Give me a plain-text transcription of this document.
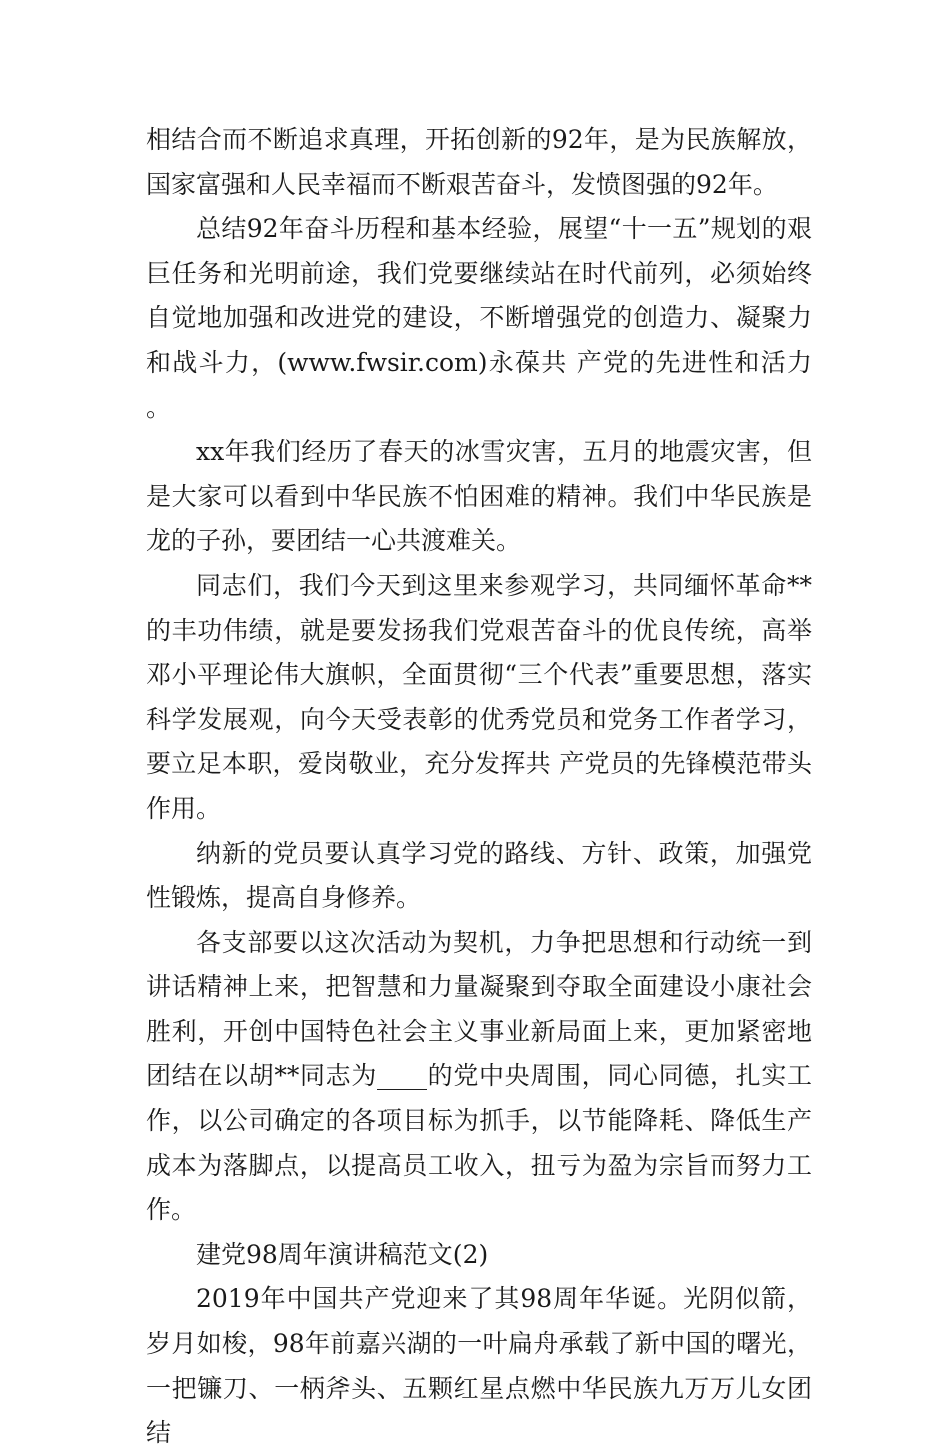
相结合而不断追求真理，开拓创新的92年，是为民族解放，国家富强和人民幸福而不断艰苦奋斗，发愤图强的92年。

总结92年奋斗历程和基本经验，展望“十一五”规划的艰巨任务和光明前途，我们党要继续站在时代前列，必须始终自觉地加强和改进党的建设，不断增强党的创造力、凝聚力和战斗力，(www.fwsir.com)永葆共 产党的先进性和活力。

xx年我们经历了春天的冰雪灾害，五月的地震灾害，但是大家可以看到中华民族不怕困难的精神。我们中华民族是龙的子孙，要团结一心共渡难关。

同志们，我们今天到这里来参观学习，共同缅怀革命**的丰功伟绩，就是要发扬我们党艰苦奋斗的优良传统，高举邓小平理论伟大旗帜，全面贯彻“三个代表”重要思想，落实科学发展观，向今天受表彰的优秀党员和党务工作者学习，要立足本职，爱岗敬业，充分发挥共 产党员的先锋模范带头作用。

纳新的党员要认真学习党的路线、方针、政策，加强党性锻炼，提高自身修养。

各支部要以这次活动为契机，力争把思想和行动统一到讲话精神上来，把智慧和力量凝聚到夺取全面建设小康社会胜利，开创中国特色社会主义事业新局面上来，更加紧密地团结在以胡**同志为____的党中央周围，同心同德，扎实工作，以公司确定的各项目标为抓手，以节能降耗、降低生产成本为落脚点，以提高员工收入，扭亏为盈为宗旨而努力工作。

建党98周年演讲稿范文(2)

2019年中国共产党迎来了其98周年华诞。光阴似箭，岁月如梭，98年前嘉兴湖的一叶扁舟承载了新中国的曙光，一把镰刀、一柄斧头、五颗红星点燃中华民族九万万儿女团结
